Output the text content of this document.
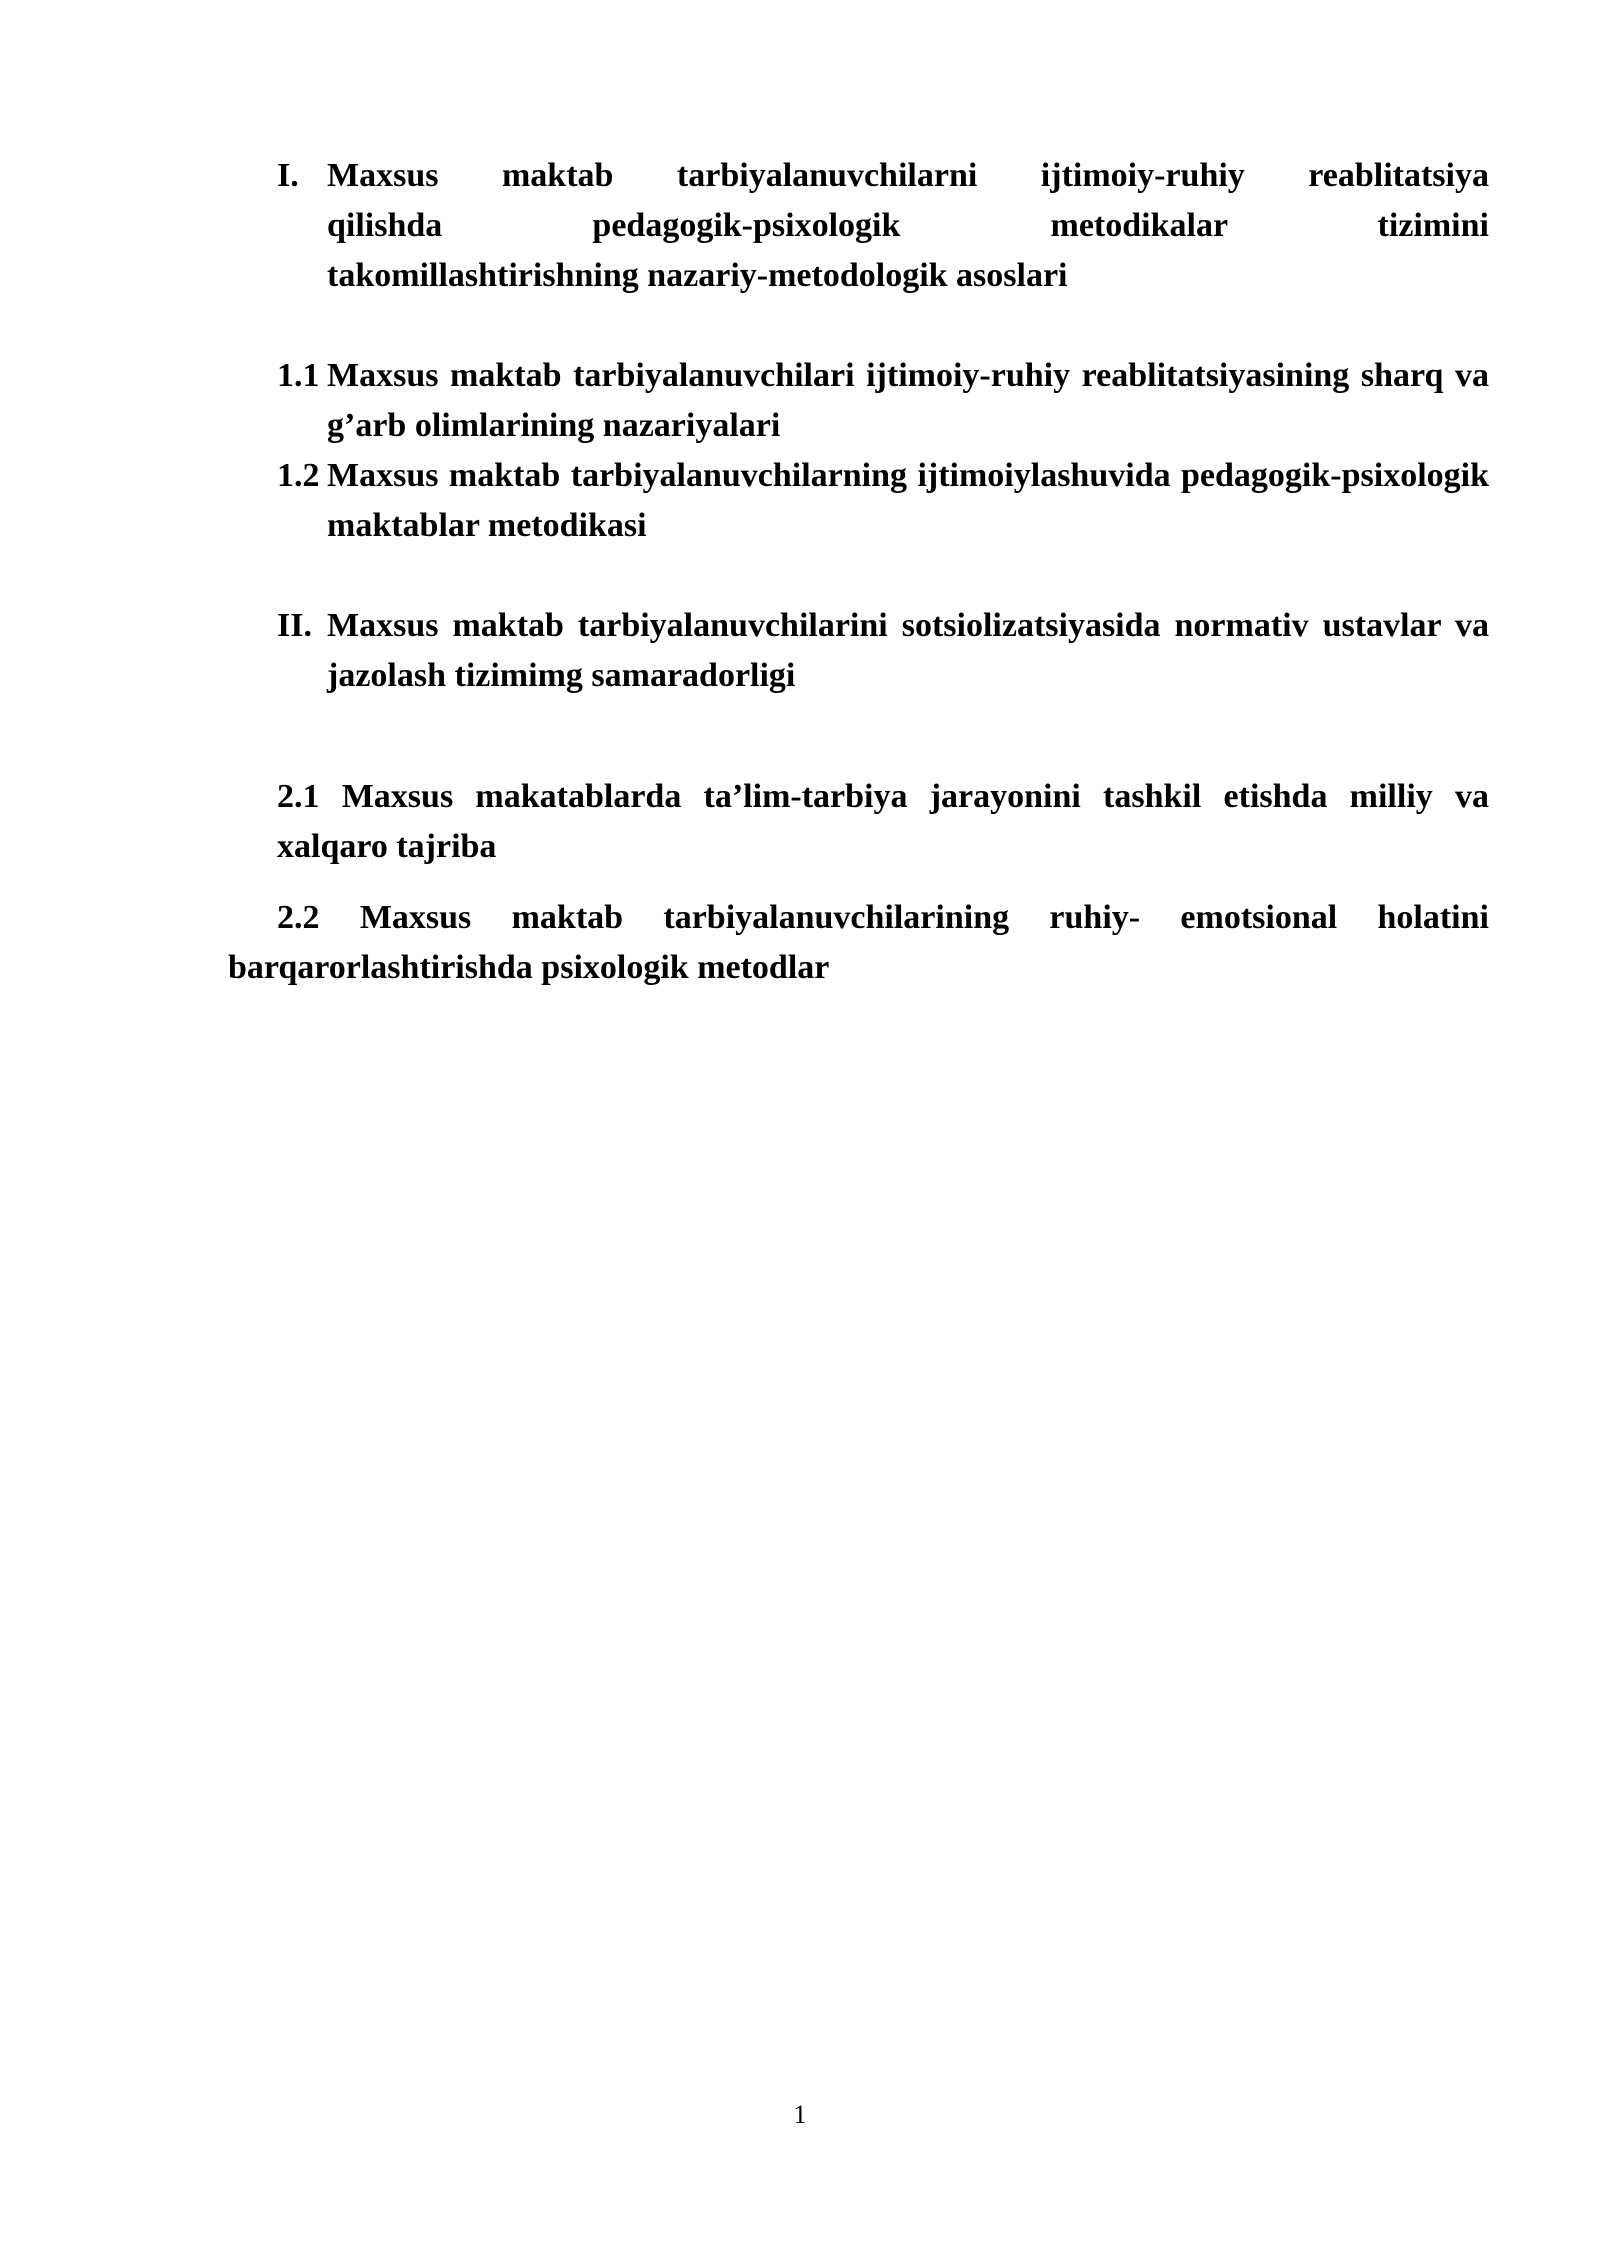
I. Maxsus maktab tarbiyalanuvchilarni ijtimoiy-ruhiy reablitatsiya
qilishda pedagogik-psixologik metodikalar tizimini
takomillashtirishning nazariy-metodologik asoslari
1.1 Maxsus maktab tarbiyalanuvchilari ijtimoiy-ruhiy reablitatsiyasining sharq va g’arb olimlarining nazariyalari
1.2 Maxsus maktab tarbiyalanuvchilarning ijtimoiylashuvida pedagogik-psixologik maktablar metodikasi
II. Maxsus maktab tarbiyalanuvchilarini sotsiolizatsiyasida normativ ustavlar va jazolash tizimimg samaradorligi
2.1 Maxsus makatablarda ta’lim-tarbiya jarayonini tashkil etishda milliy va xalqaro tajriba
2.2 Maxsus maktab tarbiyalanuvchilarining ruhiy- emotsional holatini barqarorlashtirishda psixologik metodlar
1
